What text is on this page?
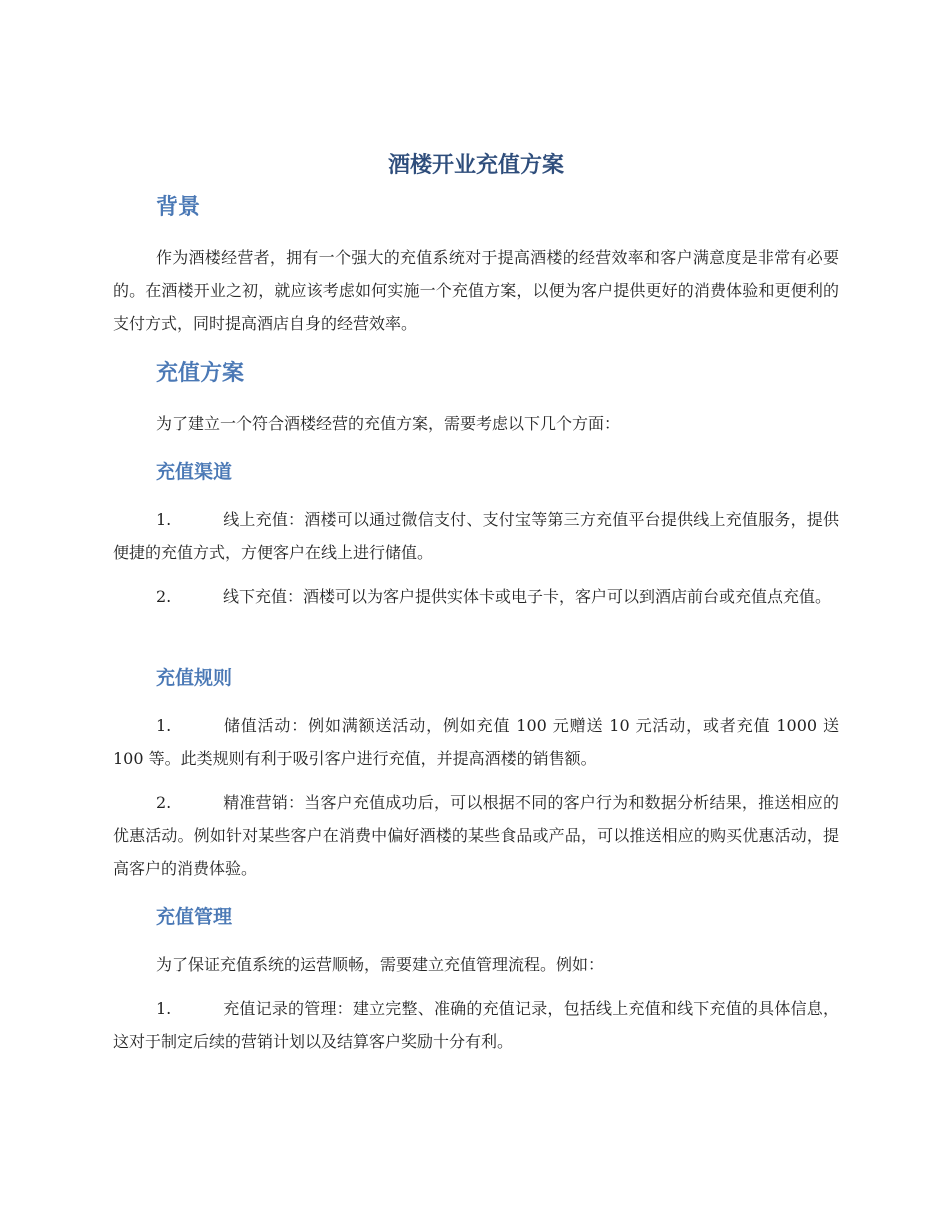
酒楼开业充值方案
背景

作为酒楼经营者，拥有一个强大的充值系统对于提高酒楼的经营效率和客户满意度是非常有必要的。在酒楼开业之初，就应该考虑如何实施一个充值方案，以便为客户提供更好的消费体验和更便利的支付方式，同时提高酒店自身的经营效率。

充值方案

为了建立一个符合酒楼经营的充值方案，需要考虑以下几个方面：

充值渠道

1.	线上充值：酒楼可以通过微信支付、支付宝等第三方充值平台提供线上充值服务，提供便捷的充值方式，方便客户在线上进行储值。

2.	线下充值：酒楼可以为客户提供实体卡或电子卡，客户可以到酒店前台或充值点充值。

充值规则

1.	储值活动：例如满额送活动，例如充值 100 元赠送 10 元活动，或者充值 1000 送 100 等。此类规则有利于吸引客户进行充值，并提高酒楼的销售额。

2.	精准营销：当客户充值成功后，可以根据不同的客户行为和数据分析结果，推送相应的优惠活动。例如针对某些客户在消费中偏好酒楼的某些食品或产品，可以推送相应的购买优惠活动，提高客户的消费体验。

充值管理

为了保证充值系统的运营顺畅，需要建立充值管理流程。例如：

1.	充值记录的管理：建立完整、准确的充值记录，包括线上充值和线下充值的具体信息，这对于制定后续的营销计划以及结算客户奖励十分有利。
